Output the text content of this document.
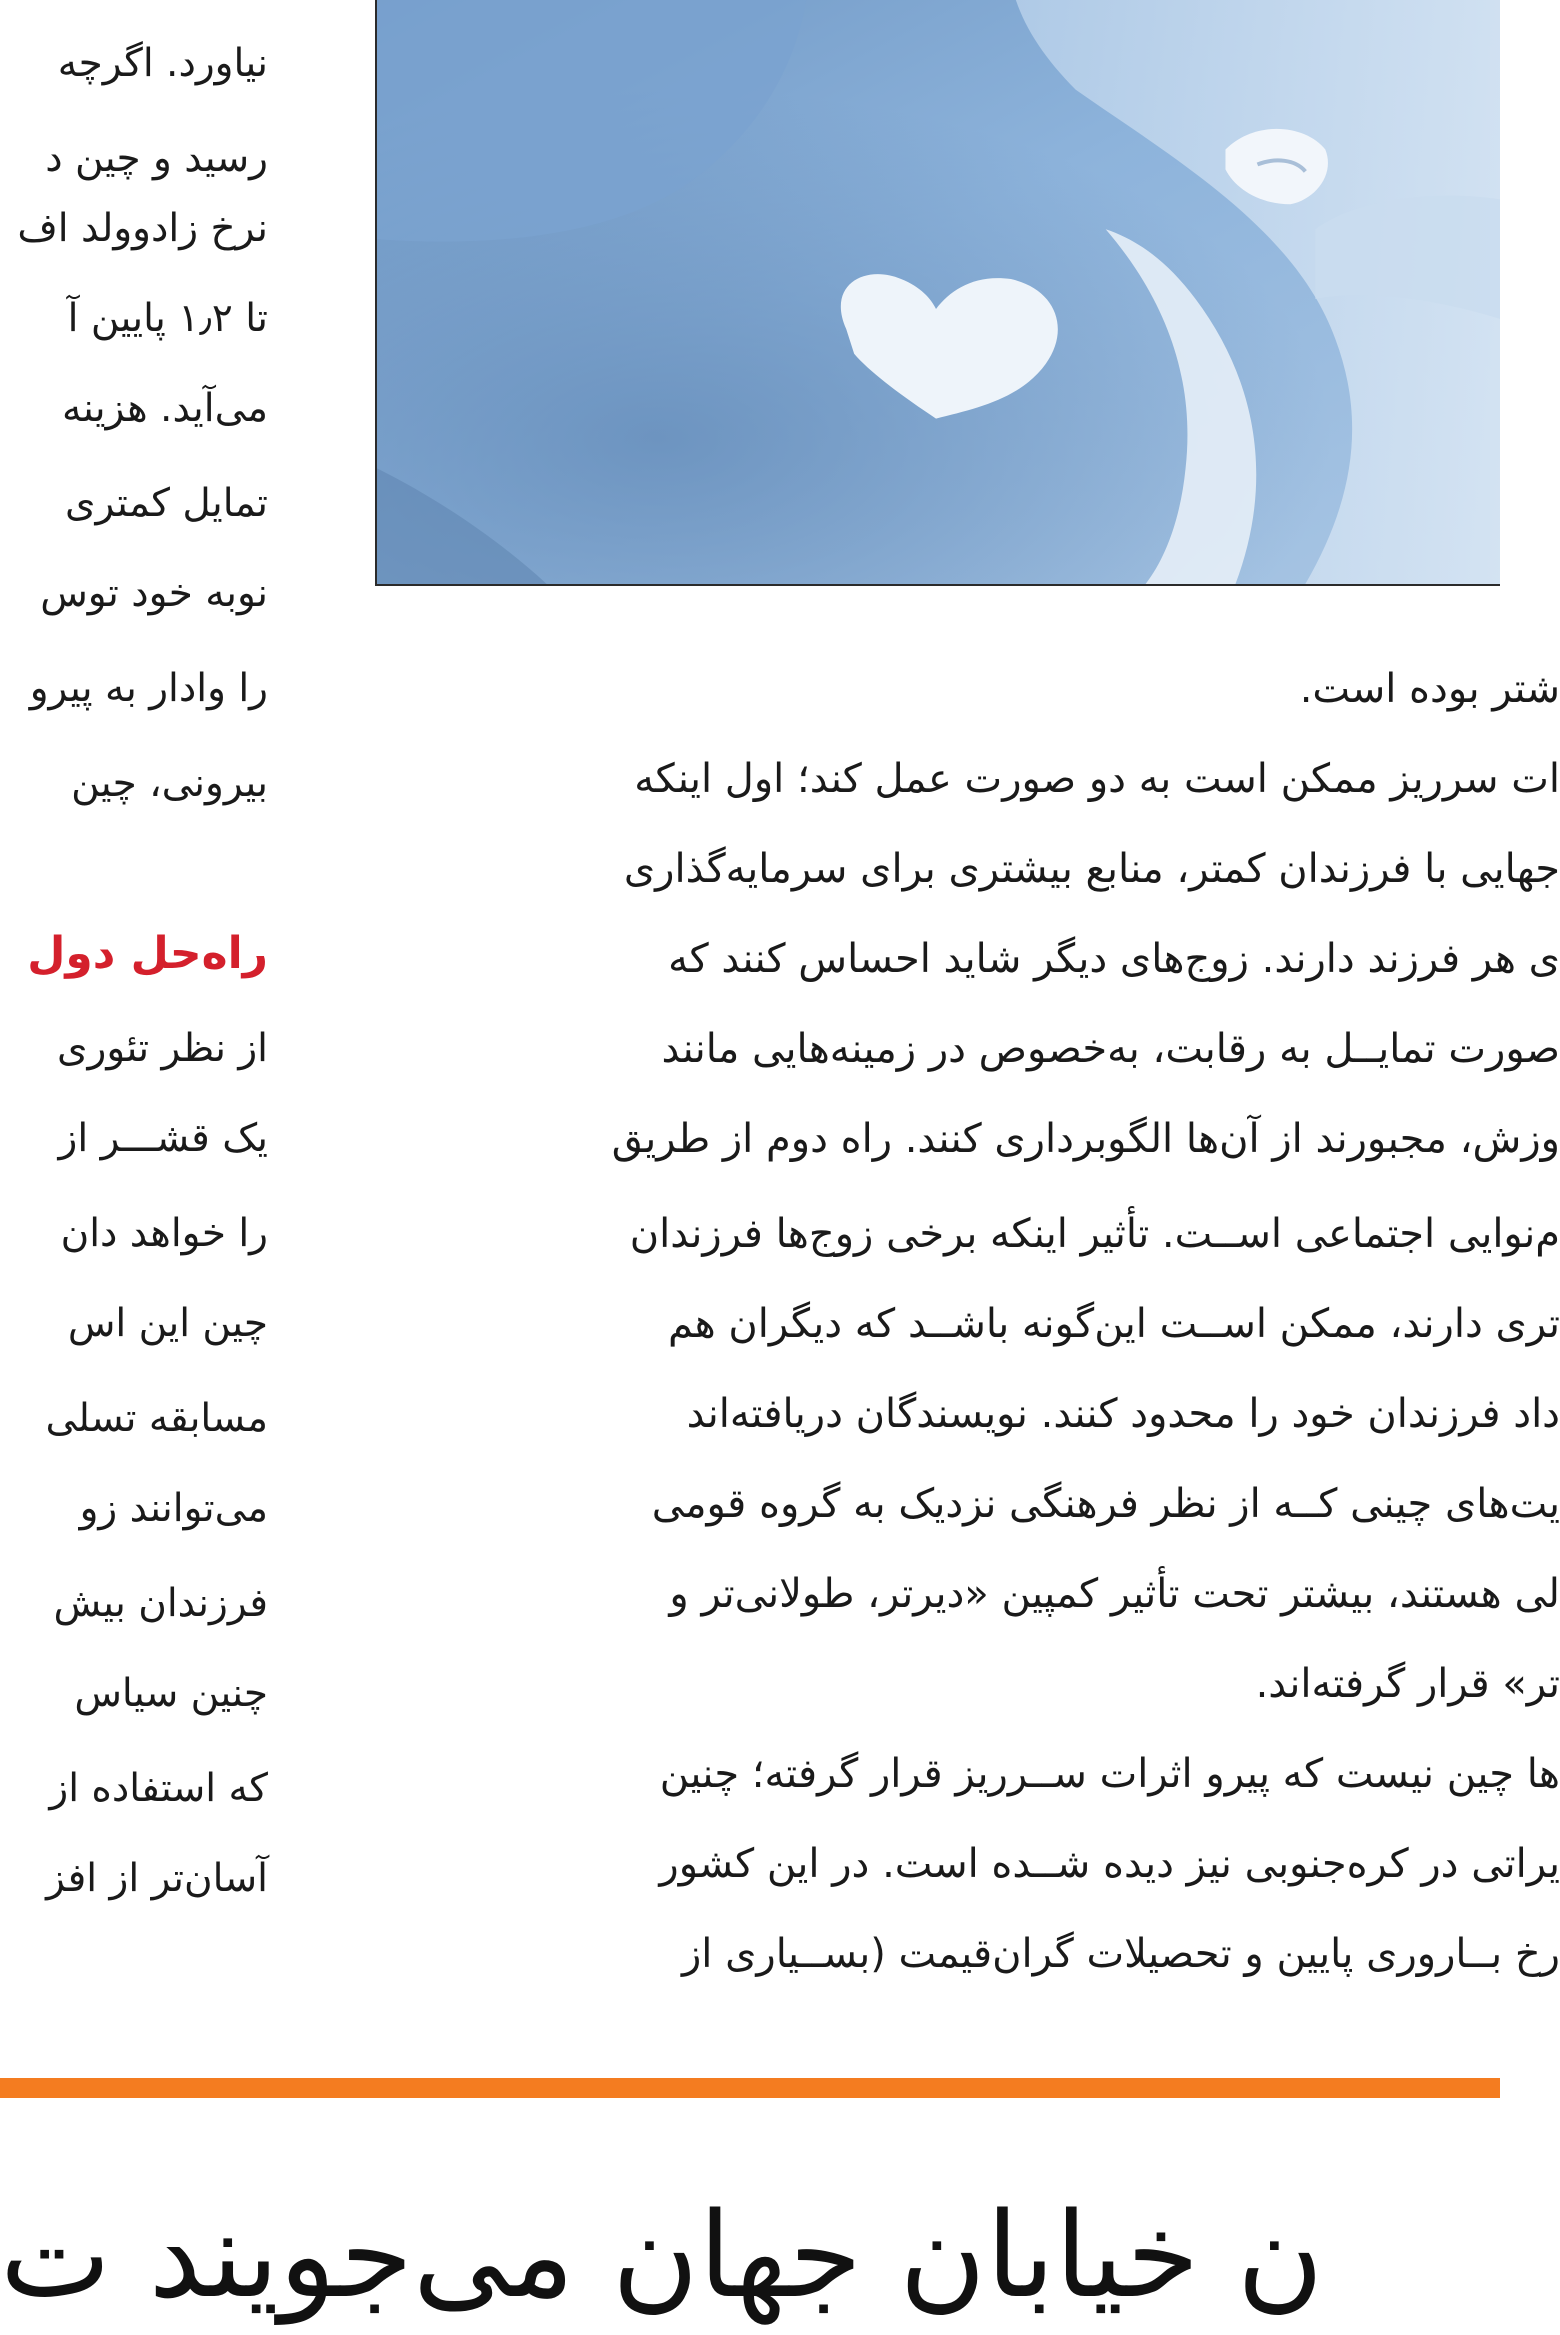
نیاورد. اگرچه
رسید و چین د
نرخ زادوولد اف
تا ۱٫۲ پایین آ
می‌آید. هزینه
تمایل کمتری
نوبه خود توس
را وادار به پیرو
بیرونی، چین
راه‌حل دول
از نظر تئوری
یک قشـــر از
را خواهد دان
چین این اس
مسابقه تسلی
می‌توانند زو
فرزندان بیش
چنین سیاس
که استفاده از
آسان‌تر از افز
شتر بوده است.
ات سرریز ممکن است به دو صورت عمل کند؛ اول اینکه
جهایی با فرزندان کمتر، منابع بیشتری برای سرمایه‌گذاری
ی هر فرزند دارند. زوج‌های دیگر شاید احساس کنند که
صورت تمایــل به رقابت، به‌خصوص در زمینه‌هایی مانند
وزش، مجبورند از آن‌ها الگوبرداری کنند. راه دوم از طریق
م‌نوایی اجتماعی اســت. تأثیر اینکه برخی زوج‌ها فرزندان
تری دارند، ممکن اســت این‌گونه باشــد که دیگران هم
داد فرزندان خود را محدود کنند. نویسندگان دریافته‌اند
یت‌های چینی کــه از نظر فرهنگی نزدیک به گروه قومی
لی هستند، بیشتر تحت تأثیر کمپین «دیرتر، طولانی‌تر و
تر» قرار گرفته‌اند.
ها چین نیست که پیرو اثرات ســرریز قرار گرفته؛ چنین
یراتی در کره‌جنوبی نیز دیده شــده است. در این کشور
رخ بــاروری پایین و تحصیلات گران‌قیمت (بســیاری از
ن خیابان جهان می‌جویند ت
